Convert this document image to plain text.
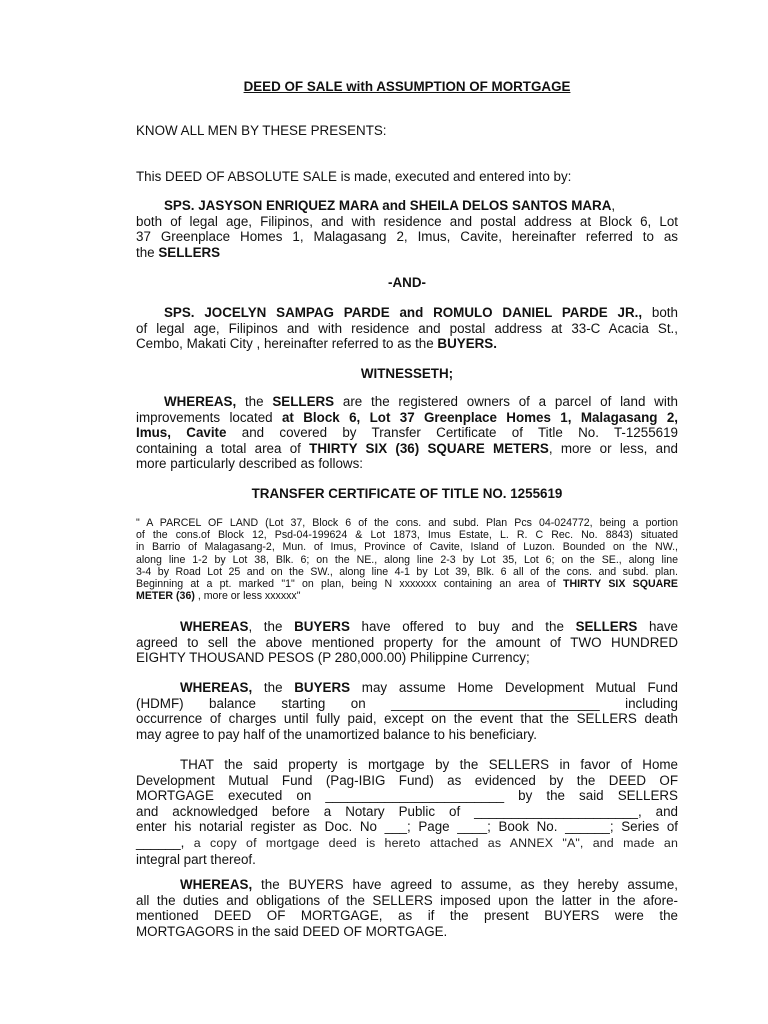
DEED OF SALE with ASSUMPTION OF MORTGAGE
KNOW ALL MEN BY THESE PRESENTS:
This DEED OF ABSOLUTE SALE is made, executed and entered into by:
SPS. JASYSON ENRIQUEZ MARA and SHEILA DELOS SANTOS MARA,
both of legal age, Filipinos, and with residence and postal address at Block 6, Lot
37 Greenplace Homes 1, Malagasang 2, Imus, Cavite, hereinafter referred to as
the SELLERS
-AND-
SPS. JOCELYN SAMPAG PARDE and ROMULO DANIEL PARDE JR., both
of legal age, Filipinos and with residence and postal address at 33-C Acacia St.,
Cembo, Makati City , hereinafter referred to as the BUYERS.
WITNESSETH;
WHEREAS, the SELLERS are the registered owners of a parcel of land with
improvements located at Block 6, Lot 37 Greenplace Homes 1, Malagasang 2,
Imus, Cavite and covered by Transfer Certificate of Title No. T-1255619
containing a total area of THIRTY SIX (36) SQUARE METERS, more or less, and
more particularly described as follows:
TRANSFER CERTIFICATE OF TITLE NO. 1255619
" A PARCEL OF LAND (Lot 37, Block 6 of the cons. and subd. Plan Pcs 04-024772, being a portion
of the cons.of Block 12, Psd-04-199624 & Lot 1873, Imus Estate, L. R. C Rec. No. 8843) situated
in Barrio of Malagasang-2, Mun. of Imus, Province of Cavite, Island of Luzon. Bounded on the NW.,
along line 1-2 by Lot 38, Blk. 6; on the NE., along line 2-3 by Lot 35, Lot 6; on the SE., along line
3-4 by Road Lot 25 and on the SW., along line 4-1 by Lot 39, Blk. 6 all of the cons. and subd. plan.
Beginning at a pt. marked "1" on plan, being N xxxxxxx containing an area of THIRTY SIX SQUARE
METER (36) , more or less xxxxxx"
WHEREAS, the BUYERS have offered to buy and the SELLERS have
agreed to sell the above mentioned property for the amount of TWO HUNDRED
EIGHTY THOUSAND PESOS (P 280,000.00) Philippine Currency;
WHEREAS, the BUYERS may assume Home Development Mutual Fund
(HDMF) balance starting on ____________________________ including
occurrence of charges until fully paid, except on the event that the SELLERS death
may agree to pay half of the unamortized balance to his beneficiary.
THAT the said property is mortgage by the SELLERS in favor of Home
Development Mutual Fund (Pag-IBIG Fund) as evidenced by the DEED OF
MORTGAGE executed on ________________________ by the said SELLERS
and acknowledged before a Notary Public of ______________________, and
enter his notarial register as Doc. No ___; Page ____; Book No. ______; Series of
______, a copy of mortgage deed is hereto attached as ANNEX "A", and made an
integral part thereof.
WHEREAS, the BUYERS have agreed to assume, as they hereby assume,
all the duties and obligations of the SELLERS imposed upon the latter in the afore-
mentioned DEED OF MORTGAGE, as if the present BUYERS were the
MORTGAGORS in the said DEED OF MORTGAGE.
